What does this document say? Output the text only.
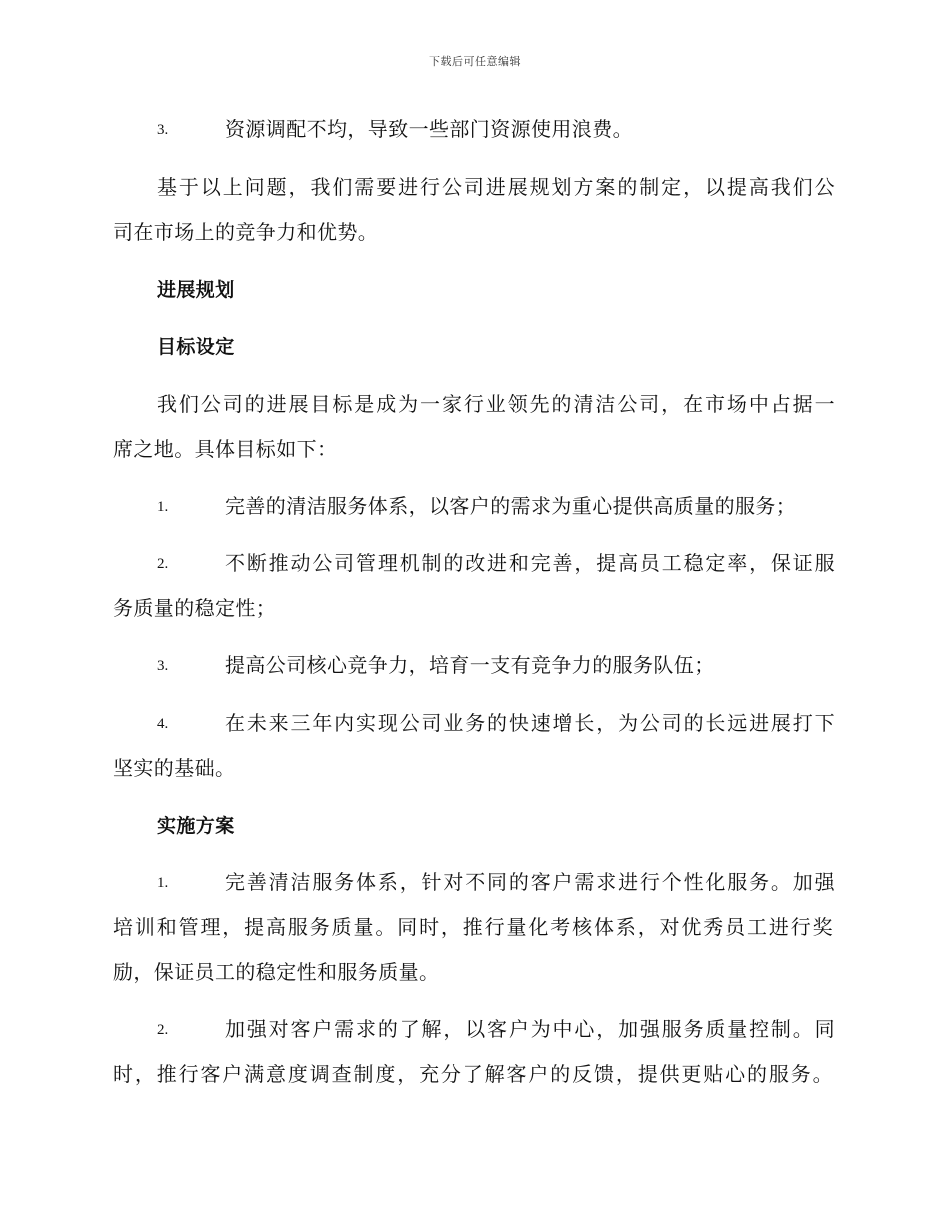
下载后可任意编辑
3.	资源调配不均，导致一些部门资源使用浪费。
基于以上问题，我们需要进行公司进展规划方案的制定，以提高我们公
司在市场上的竞争力和优势。
进展规划
目标设定
我们公司的进展目标是成为一家行业领先的清洁公司，在市场中占据一
席之地。具体目标如下：
1.	完善的清洁服务体系，以客户的需求为重心提供高质量的服务；
2.	不断推动公司管理机制的改进和完善，提高员工稳定率，保证服
务质量的稳定性；
3.	提高公司核心竞争力，培育一支有竞争力的服务队伍；
4.	在未来三年内实现公司业务的快速增长，为公司的长远进展打下
坚实的基础。
实施方案
1.	完善清洁服务体系，针对不同的客户需求进行个性化服务。加强
培训和管理，提高服务质量。同时，推行量化考核体系，对优秀员工进行奖
励，保证员工的稳定性和服务质量。
2.	加强对客户需求的了解，以客户为中心，加强服务质量控制。同
时，推行客户满意度调查制度，充分了解客户的反馈，提供更贴心的服务。
